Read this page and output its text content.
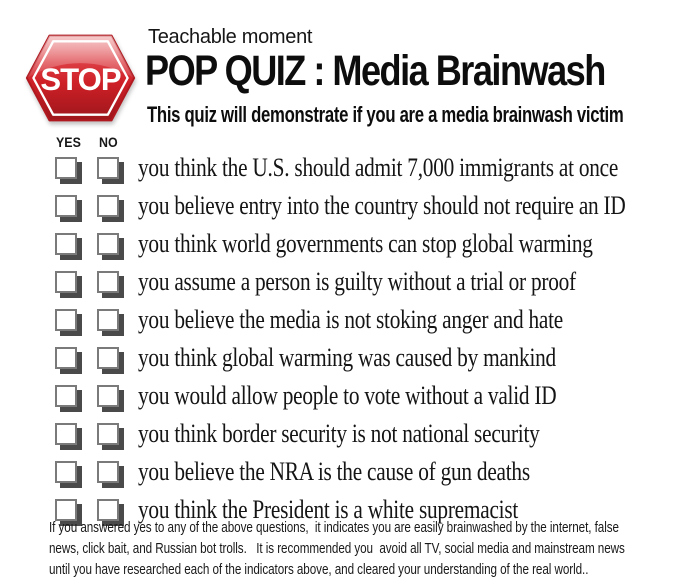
STOP
Teachable moment
POP QUIZ : Media Brainwash
This quiz will demonstrate if you are a media brainwash victim
YES NO
you think the U.S. should admit 7,000 immigrants at once
you believe entry into the country should not require an ID
you think world governments can stop global warming
you assume a person is guilty without a trial or proof
you believe the media is not stoking anger and hate
you think global warming was caused by mankind
you would allow people to vote without a valid ID
you think border security is not national security
you believe the NRA is the cause of gun deaths
you think the President is a white supremacist
If you answered yes to any of the above questions,  it indicates you are easily brainwashed by the internet, false
news, click bait, and Russian bot trolls.   It is recommended you  avoid all TV, social media and mainstream news
until you have researched each of the indicators above, and cleared your understanding of the real world..
